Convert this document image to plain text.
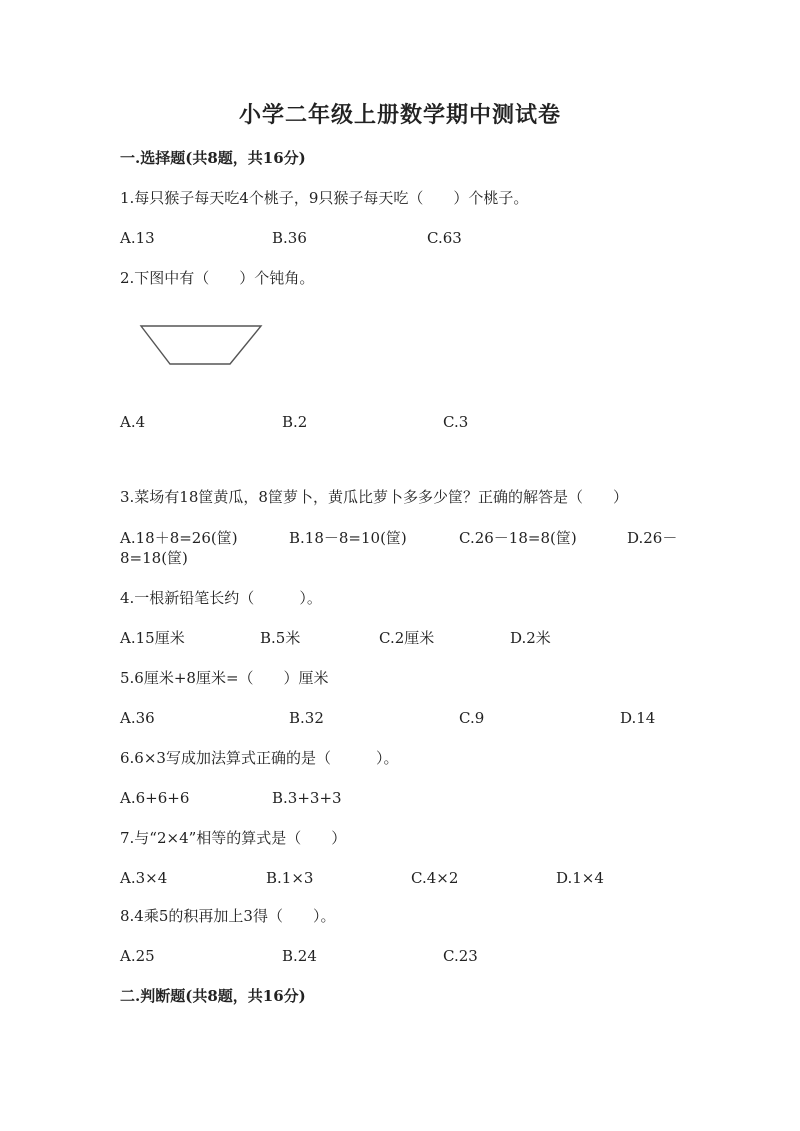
小学二年级上册数学期中测试卷
一.选择题(共8题，共16分)
1.每只猴子每天吃4个桃子，9只猴子每天吃（　　）个桃子。
A.13	B.36	C.63
2.下图中有（　　）个钝角。
A.4	B.2	C.3
3.菜场有18筐黄瓜，8筐萝卜，黄瓜比萝卜多多少筐？正确的解答是（　　）
A.18＋8=26(筐)	B.18－8=10(筐)	C.26－18=8(筐)	D.26－
8=18(筐)
4.一根新铅笔长约（　　　）。
A.15厘米	B.5米	C.2厘米	D.2米
5.6厘米+8厘米=（　　）厘米
A.36	B.32	C.9	D.14
6.6×3写成加法算式正确的是（　　　）。
A.6+6+6	B.3+3+3
7.与“2×4”相等的算式是（　　）
A.3×4	B.1×3	C.4×2	D.1×4
8.4乘5的积再加上3得（　　）。
A.25	B.24	C.23
二.判断题(共8题，共16分)
